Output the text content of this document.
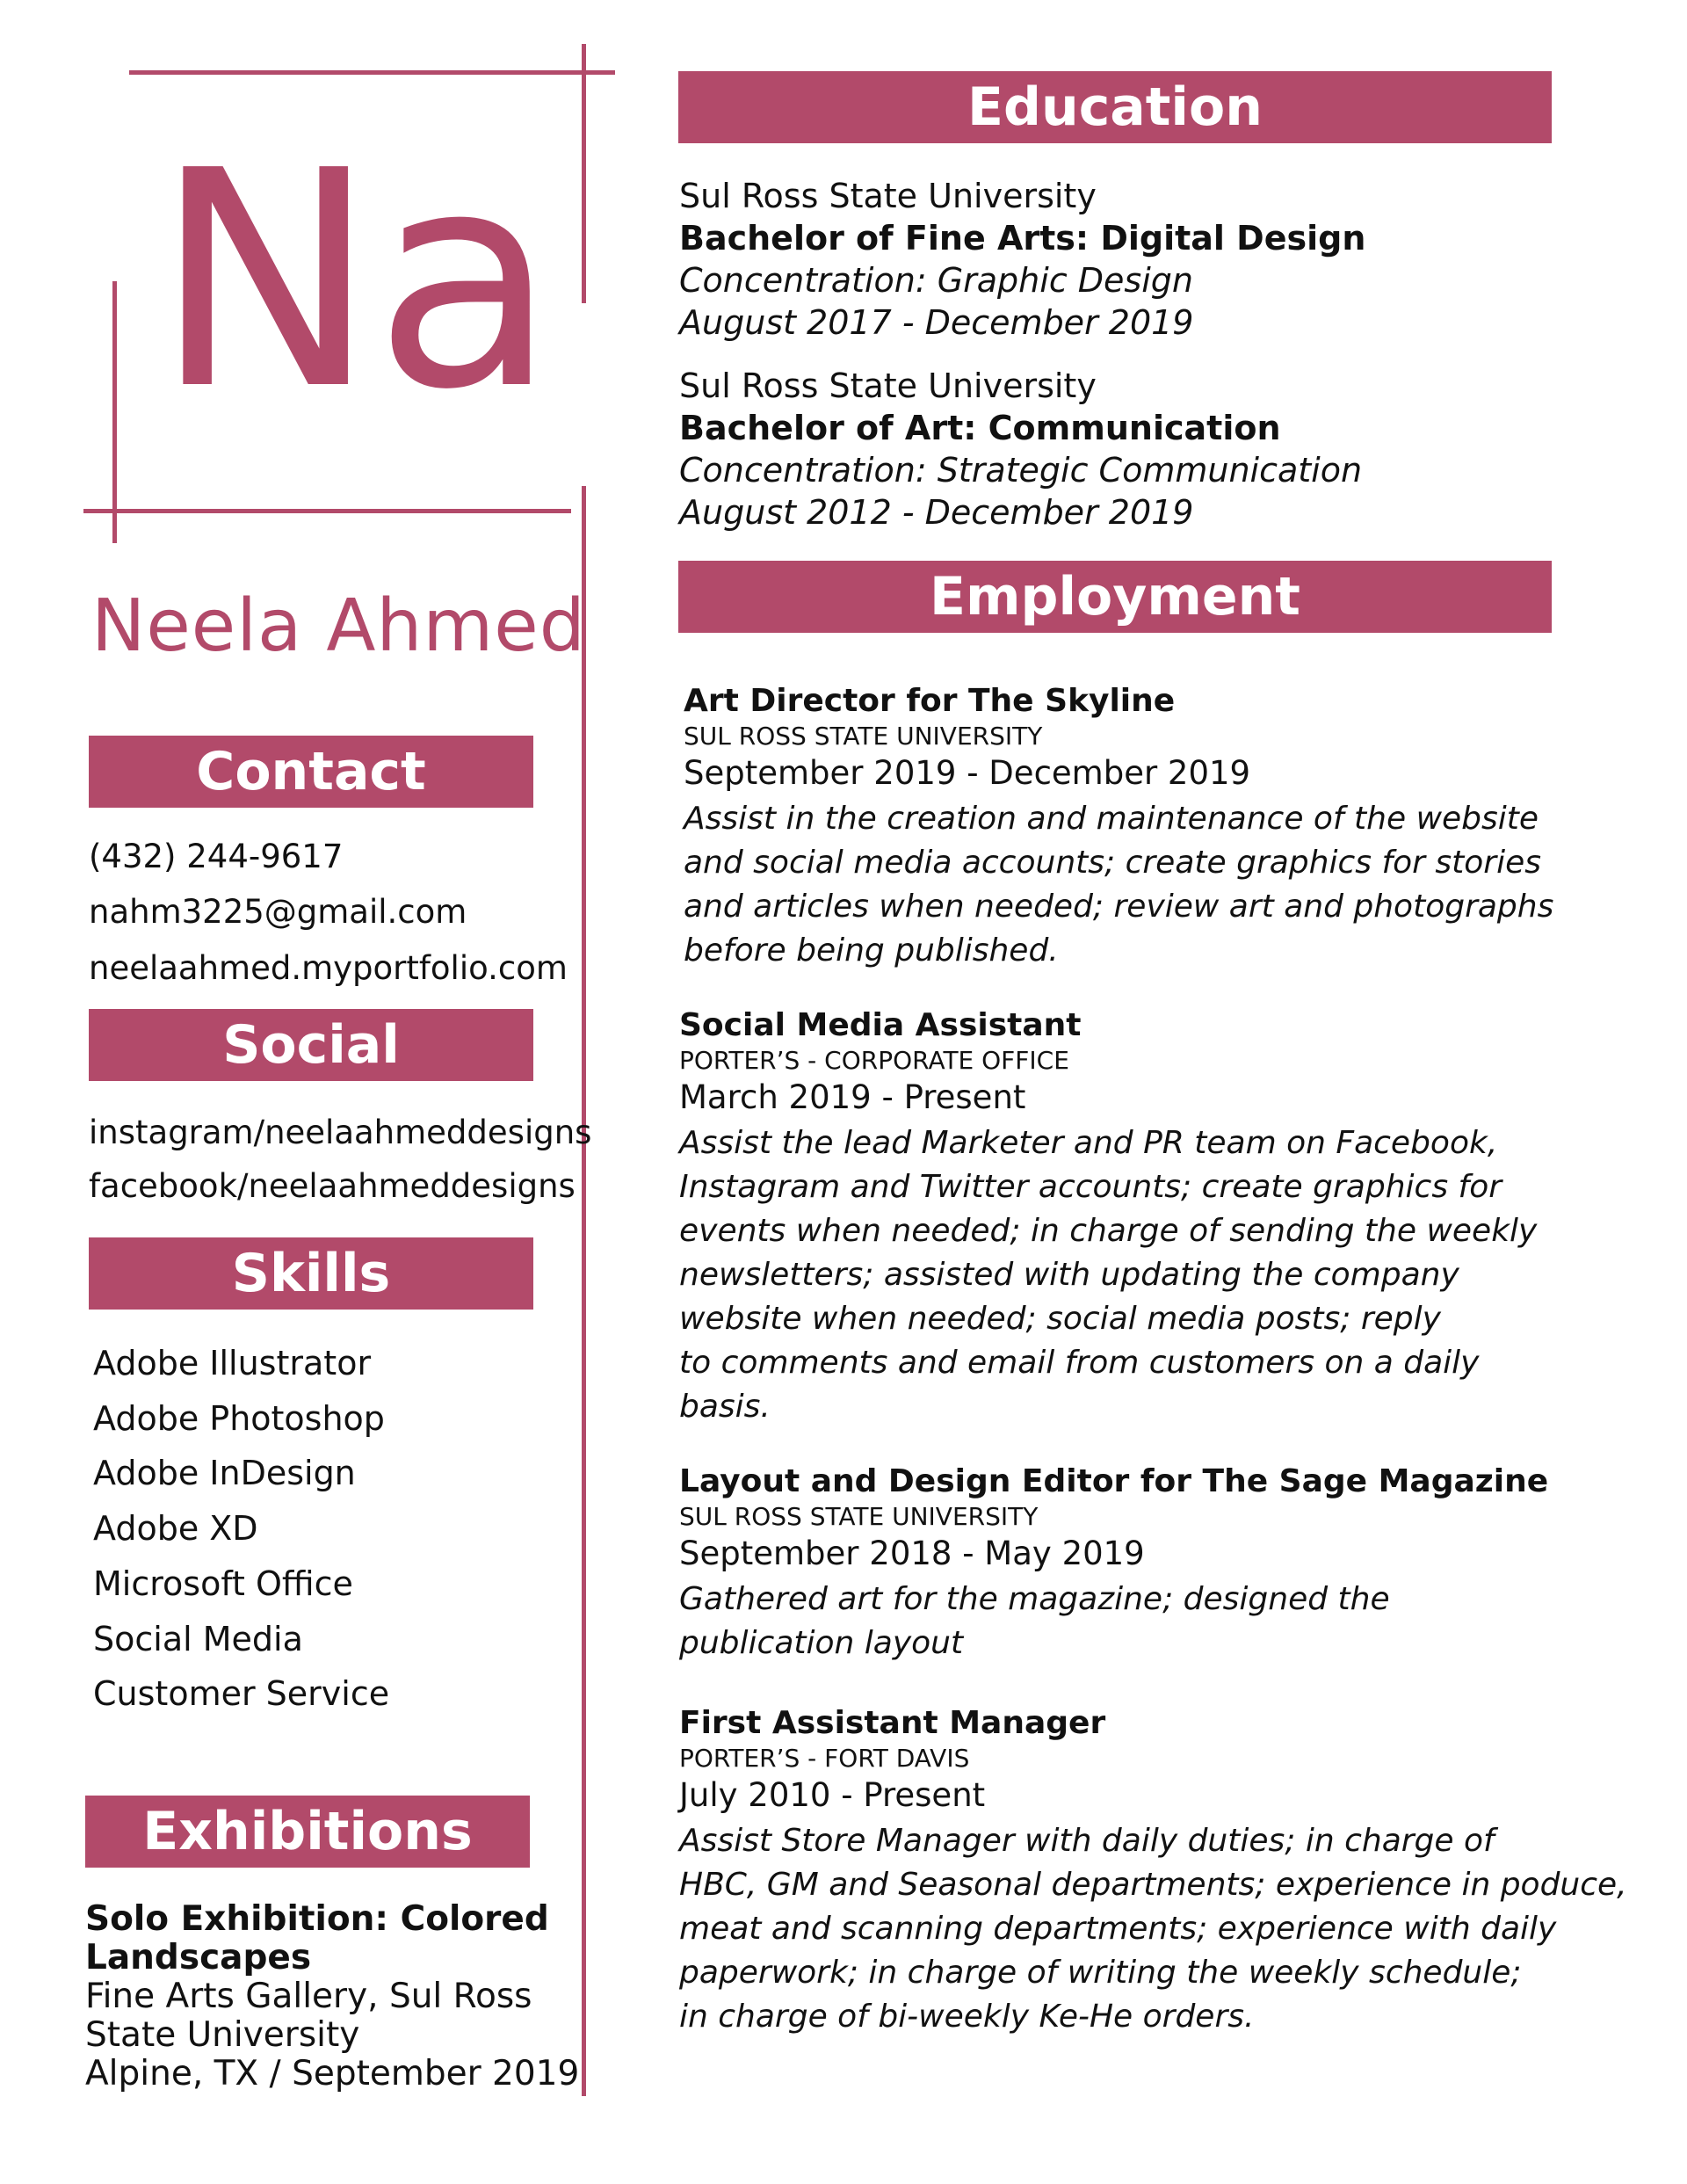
Na
Neela Ahmed
Contact
(432) 244-9617
nahm3225@gmail.com
neelaahmed.myportfolio.com
Social
instagram/neelaahmeddesigns
facebook/neelaahmeddesigns
Skills
Adobe Illustrator
Adobe Photoshop
Adobe InDesign
Adobe XD
Microsoft Office
Social Media
Customer Service
Exhibitions
Solo Exhibition: Colored
Landscapes
Fine Arts Gallery, Sul Ross
State University
Alpine, TX / September 2019
Education
Sul Ross State University
Bachelor of Fine Arts: Digital Design
Concentration: Graphic Design
August 2017 - December 2019
Sul Ross State University
Bachelor of Art: Communication
Concentration: Strategic Communication
August 2012 - December 2019
Employment
Art Director for The Skyline
SUL ROSS STATE UNIVERSITY
September 2019 - December 2019
Assist in the creation and maintenance of the website
and social media accounts; create graphics for stories
and articles when needed; review art and photographs
before being published.
Social Media Assistant
PORTER’S - CORPORATE OFFICE
March 2019 - Present
Assist the lead Marketer and PR team on Facebook,
Instagram and Twitter accounts; create graphics for
events when needed; in charge of sending the weekly
newsletters; assisted with updating the company
website when needed; social media posts; reply
to comments and email from customers on a daily
basis.
Layout and Design Editor for The Sage Magazine
SUL ROSS STATE UNIVERSITY
September 2018 - May 2019
Gathered art for the magazine; designed the
publication layout
First Assistant Manager
PORTER’S - FORT DAVIS
July 2010 - Present
Assist Store Manager with daily duties; in charge of
HBC, GM and Seasonal departments; experience in poduce,
meat and scanning departments; experience with daily
paperwork; in charge of writing the weekly schedule;
in charge of bi-weekly Ke-He orders.
